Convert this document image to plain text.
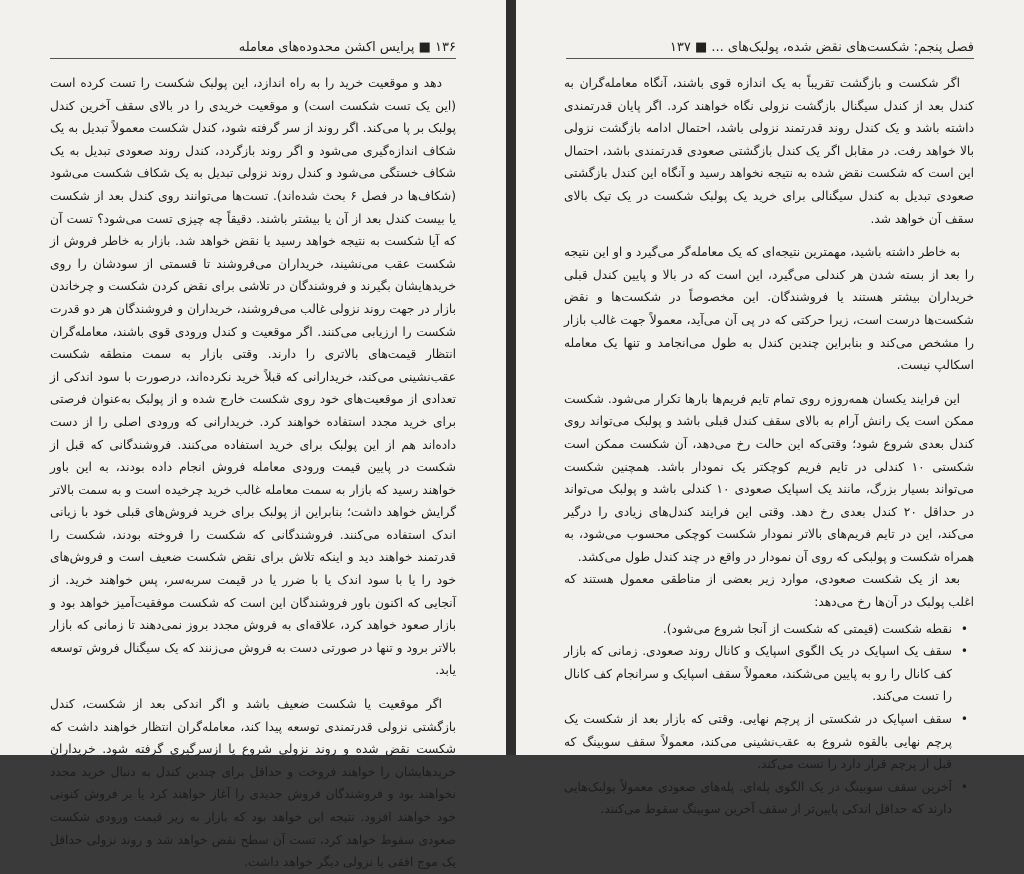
۱۳۶ ■ پرایس اکشن محدوده‌های معامله

دهد و موقعیت خرید را به راه اندازد، این پولبک شکست را تست کرده است (این یک تست شکست است) و موقعیت خریدی را در بالای سقف آخرین کندل پولبک بر پا می‌کند. اگر روند از سر گرفته شود، کندل شکست معمولاً تبدیل به یک شکاف اندازه‌گیری می‌شود و اگر روند بازگردد، کندل روند صعودی تبدیل به یک شکاف خستگی می‌شود و کندل روند نزولی تبدیل به یک شکاف شکست می‌شود (شکاف‌ها در فصل ۶ بحث شده‌اند). تست‌ها می‌توانند روی کندل بعد از شکست یا بیست کندل بعد از آن یا بیشتر باشند. دقیقاً چه چیزی تست می‌شود؟ تست آن که آیا شکست به نتیجه خواهد رسید یا نقض خواهد شد. بازار به خاطر فروش از شکست عقب می‌نشیند، خریداران می‌فروشند تا قسمتی از سودشان را روی خریدهایشان بگیرند و فروشندگان در تلاشی برای نقض کردن شکست و چرخاندن بازار در جهت روند نزولی غالب می‌فروشند، خریداران و فروشندگان هر دو قدرت شکست را ارزیابی می‌کنند. اگر موقعیت و کندل ورودی قوی باشند، معامله‌گران انتظار قیمت‌های بالاتری را دارند. وقتی بازار به سمت منطقه شکست عقب‌نشینی می‌کند، خریدارانی که قبلاً خرید نکرده‌اند، درصورت با سود اندکی از تعدادی از موقعیت‌های خود روی شکست خارج شده و از پولبک به‌عنوان فرصتی برای خرید مجدد استفاده خواهند کرد. خریدارانی که ورودی اصلی را از دست داده‌اند هم از این پولبک برای خرید استفاده می‌کنند. فروشندگانی که قبل از شکست در پایین قیمت ورودی معامله فروش انجام داده بودند، به این باور خواهند رسید که بازار به سمت معامله غالب خرید چرخیده است و به سمت بالاتر گرایش خواهد داشت؛ بنابراین از پولبک برای خرید فروش‌های قبلی خود با زیانی اندک استفاده می‌کنند. فروشندگانی که شکست را فروخته بودند، شکست را قدرتمند خواهند دید و اینکه تلاش برای نقض شکست ضعیف است و فروش‌های خود را یا با سود اندک یا با ضرر یا در قیمت سربه‌سر، پس خواهند خرید. از آنجایی که اکنون باور فروشندگان این است که شکست موفقیت‌آمیز خواهد بود و بازار صعود خواهد کرد، علاقه‌ای به فروش مجدد بروز نمی‌دهند تا زمانی که بازار بالاتر برود و تنها در صورتی دست به فروش می‌زنند که یک سیگنال فروش توسعه یابد.

اگر موقعیت یا شکست ضعیف باشد و اگر اندکی بعد از شکست، کندل بازگشتی نزولی قدرتمندی توسعه پیدا کند، معامله‌گران انتظار خواهند داشت که شکست نقض شده و روند نزولی شروع یا ازسرگیری گرفته شود. خریداران خریدهایشان را خواهند فروخت و حداقل برای چندین کندل به دنبال خرید مجدد نخواهند بود و فروشندگان فروش جدیدی را آغاز خواهند کرد یا بر فروش کنونی خود خواهند افزود. نتیجه این خواهد بود که بازار به زیر قیمت ورودی شکست صعودی سقوط خواهد کرد، تست آن سطح نقض خواهد شد و روند نزولی حداقل یک موج افقی یا نزولی دیگر خواهد داشت.

فصل پنجم: شکست‌های نقض شده، پولبک‌های ... ■ ۱۳۷

اگر شکست و بازگشت تقریباً به یک اندازه قوی باشند، آنگاه معامله‌گران به کندل بعد از کندل سیگنال بازگشت نزولی نگاه خواهند کرد. اگر پایان قدرتمندی داشته باشد و یک کندل روند قدرتمند نزولی باشد، احتمال ادامه بازگشت نزولی بالا خواهد رفت. در مقابل اگر یک کندل بازگشتی صعودی قدرتمندی باشد، احتمال این است که شکست نقض شده به نتیجه نخواهد رسید و آنگاه این کندل بازگشتی صعودی تبدیل به کندل سیگنالی برای خرید یک پولبک شکست در یک تیک بالای سقف آن خواهد شد.

به خاطر داشته باشید، مهمترین نتیجه‌ای که یک معامله‌گر می‌گیرد و او این نتیجه را بعد از بسته شدن هر کندلی می‌گیرد، این است که در بالا و پایین کندل قبلی خریداران بیشتر هستند یا فروشندگان. این مخصوصاً در شکست‌ها و نقض شکست‌ها درست است، زیرا حرکتی که در پی آن می‌آید، معمولاً جهت غالب بازار را مشخص می‌کند و بنابراین چندین کندل به طول می‌انجامد و تنها یک معامله اسکالپ نیست.

این فرایند یکسان همه‌روزه روی تمام تایم فریم‌ها بارها تکرار می‌شود. شکست ممکن است یک رانش آرام به بالای سقف کندل قبلی باشد و پولبک می‌تواند روی کندل بعدی شروع شود؛ وقتی‌که این حالت رخ می‌دهد، آن شکست ممکن است شکستی ۱۰ کندلی در تایم فریم کوچکتر یک نمودار باشد. همچنین شکست می‌تواند بسیار بزرگ، مانند یک اسپایک صعودی ۱۰ کندلی باشد و پولبک می‌تواند در حداقل ۲۰ کندل بعدی رخ دهد. وقتی این فرایند کندل‌های زیادی را درگیر می‌کند، این در تایم فریم‌های بالاتر نمودار شکست کوچکی محسوب می‌شود، به همراه شکست و پولبکی که روی آن نمودار در واقع در چند کندل طول می‌کشد.

بعد از یک شکست صعودی، موارد زیر بعضی از مناطقی معمول هستند که اغلب پولبک در آن‌ها رخ می‌دهد:

•
نقطه شکست (قیمتی که شکست از آنجا شروع می‌شود).
•
سقف یک اسپایک در یک الگوی اسپایک و کانال روند صعودی. زمانی که بازار کف کانال را رو به پایین می‌شکند، معمولاً سقف اسپایک و سرانجام کف کانال را تست می‌کند.
•
سقف اسپایک در شکستی از پرچم نهایی. وقتی که بازار بعد از شکست یک پرچم نهایی بالقوه شروع به عقب‌نشینی می‌کند، معمولاً سقف سوبینگ که قبل از پرچم قرار دارد را تست می‌کند.
•
آخرین سقف سوبینگ در یک الگوی پله‌ای. پله‌های صعودی معمولاً پولبک‌هایی دارند که حداقل اندکی پایین‌تر از سقف آخرین سوبینگ سقوط می‌کنند.
